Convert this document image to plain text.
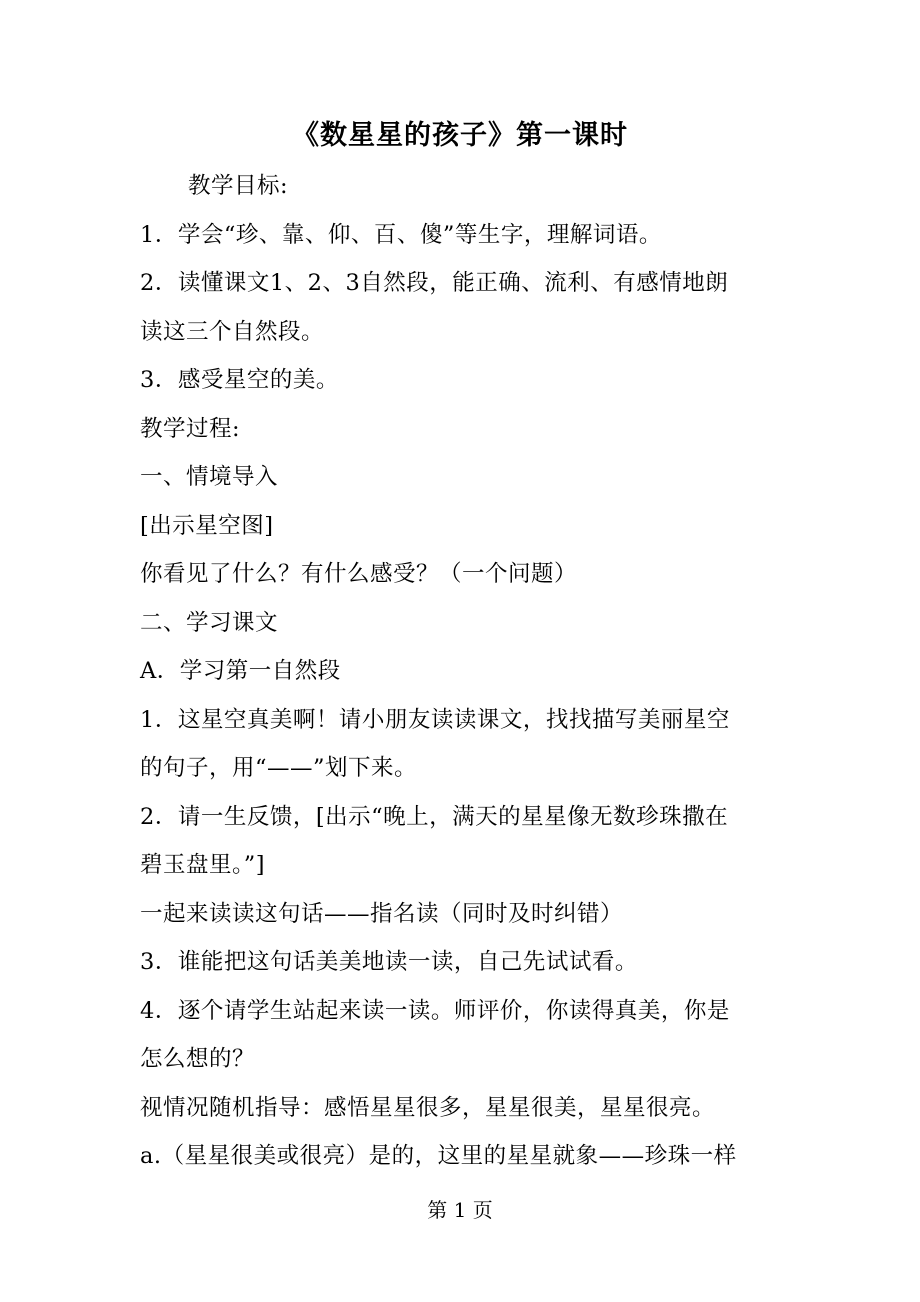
《数星星的孩子》第一课时
教学目标:
1．学会“珍、靠、仰、百、傻”等生字，理解词语。
2．读懂课文1、2、3自然段，能正确、流利、有感情地朗
读这三个自然段。
3．感受星空的美。
教学过程:
一、情境导入
[出示星空图]
你看见了什么？有什么感受？（一个问题）
二、学习课文
A．学习第一自然段
1．这星空真美啊！请小朋友读读课文，找找描写美丽星空
的句子，用“——”划下来。
2．请一生反馈，[出示“晚上，满天的星星像无数珍珠撒在
碧玉盘里。”]
一起来读读这句话——指名读（同时及时纠错）
3．谁能把这句话美美地读一读，自己先试试看。
4．逐个请学生站起来读一读。师评价，你读得真美，你是
怎么想的？
视情况随机指导：感悟星星很多，星星很美，星星很亮。
a.（星星很美或很亮）是的，这里的星星就象——珍珠一样
第 1 页
